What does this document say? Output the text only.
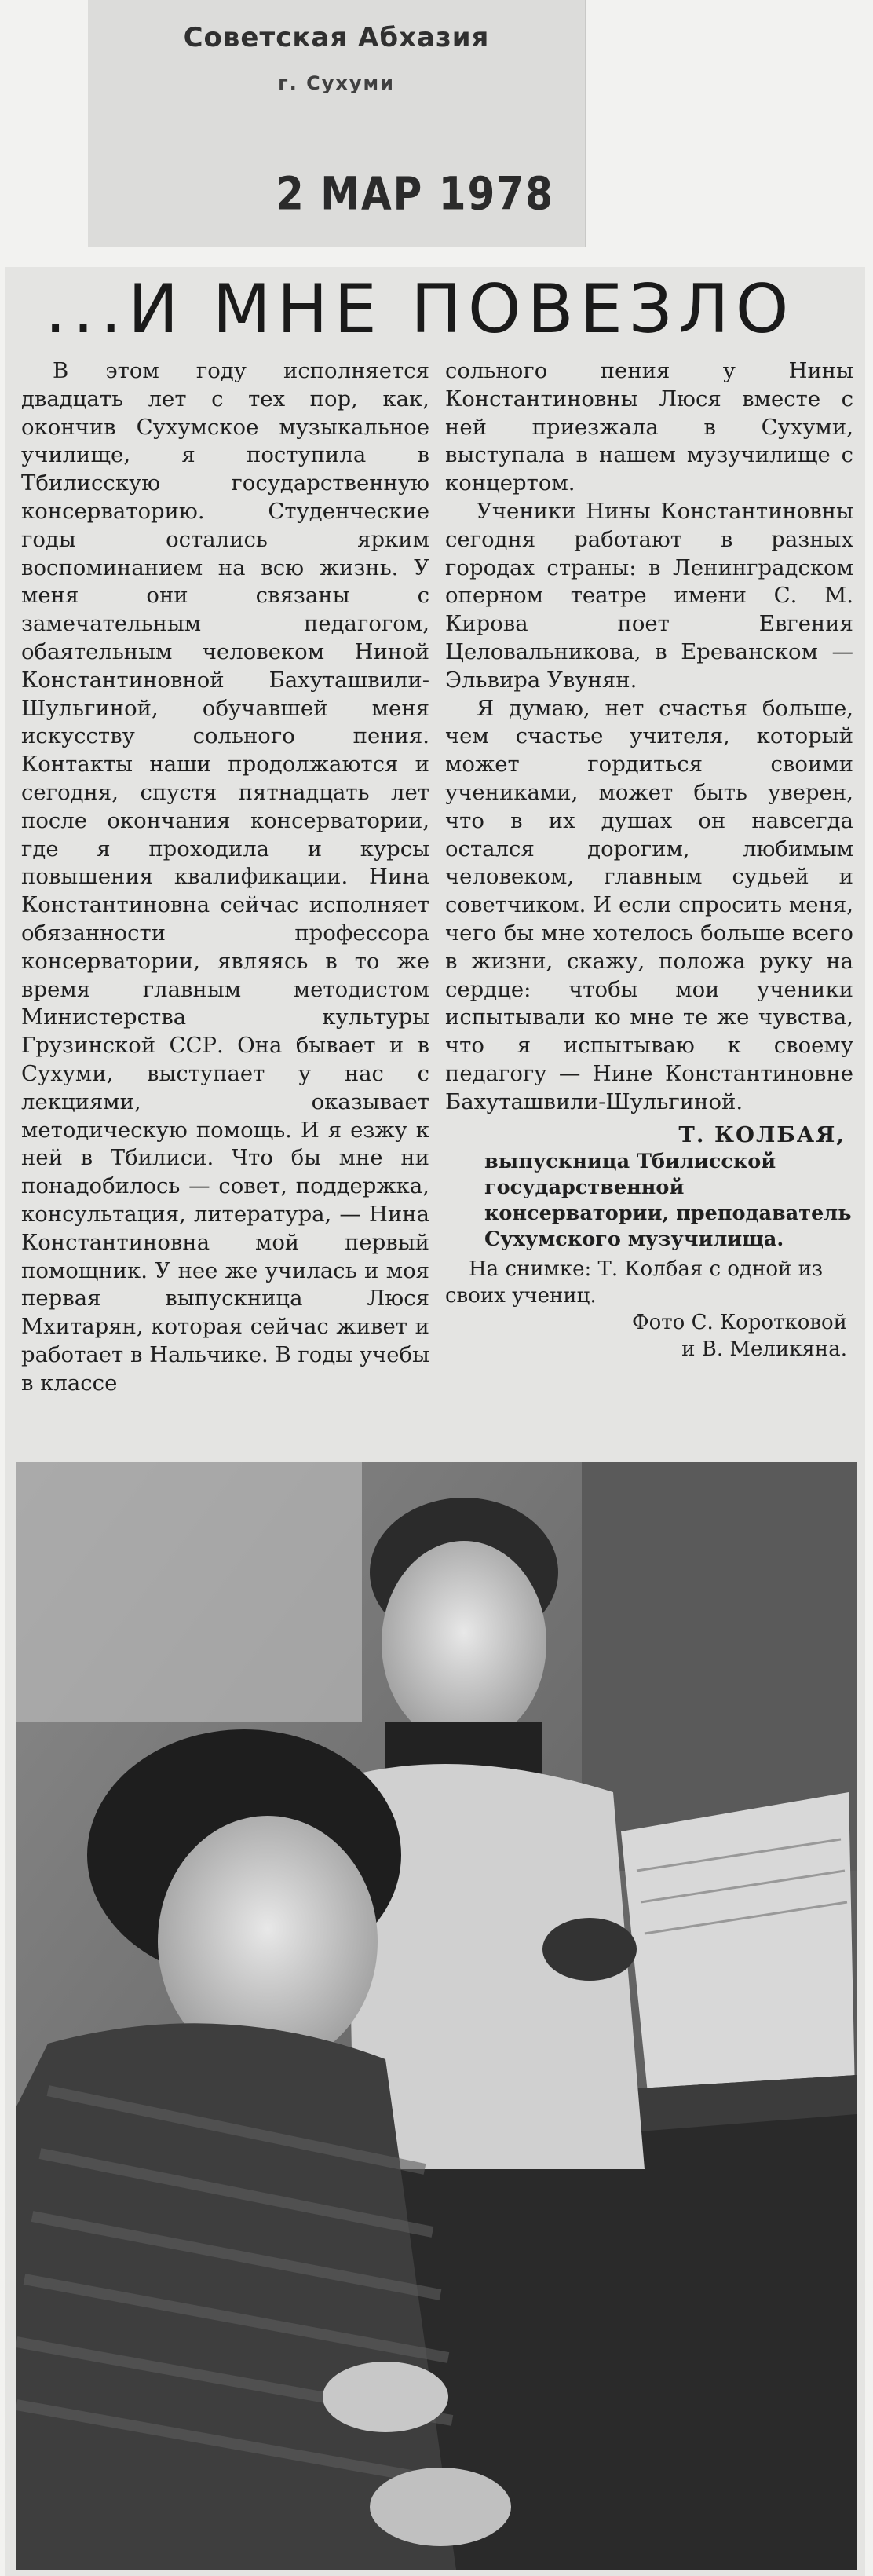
Советская Абхазия
г. Сухуми
2 МАР 1978
...И МНЕ ПОВЕЗЛО

В этом году исполняется двадцать лет с тех пор, как, окончив Сухумское музыкальное училище, я поступила в Тбилисскую государственную консерваторию. Студенческие годы остались ярким воспоминанием на всю жизнь. У меня они связаны с замечательным педагогом, обаятельным человеком Ниной Константиновной Бахуташвили-Шульгиной, обучавшей меня искусству сольного пения. Контакты наши продолжаются и сегодня, спустя пятнадцать лет после окончания консерватории, где я проходила и курсы повышения квалификации. Нина Константиновна сейчас исполняет обязанности профессора консерватории, являясь в то же время главным методистом Министерства культуры Грузинской ССР. Она бывает и в Сухуми, выступает у нас с лекциями, оказывает методическую помощь. И я езжу к ней в Тбилиси. Что бы мне ни понадобилось — совет, поддержка, консультация, литература, — Нина Константиновна мой первый помощник. У нее же училась и моя первая выпускница Люся Мхитарян, которая сейчас живет и работает в Нальчике. В годы учебы в классе

сольного пения у Нины Константиновны Люся вместе с ней приезжала в Сухуми, выступала в нашем музучилище с концертом.

Ученики Нины Константиновны сегодня работают в разных городах страны: в Ленинградском оперном театре имени С. М. Кирова поет Евгения Целовальникова, в Ереванском — Эльвира Увунян.

Я думаю, нет счастья больше, чем счастье учителя, который может гордиться своими учениками, может быть уверен, что в их душах он навсегда остался дорогим, любимым человеком, главным судьей и советчиком. И если спросить меня, чего бы мне хотелось больше всего в жизни, скажу, положа руку на сердце: чтобы мои ученики испытывали ко мне те же чувства, что я испытываю к своему педагогу — Нине Константиновне Бахуташвили-Шульгиной.

Т. КОЛБАЯ,
выпускница Тбилисской государственной консерватории, преподаватель Сухумского музучилища.
На снимке: Т. Колбая с одной из своих учениц.
Фото С. Коротковой
и В. Меликяна.
